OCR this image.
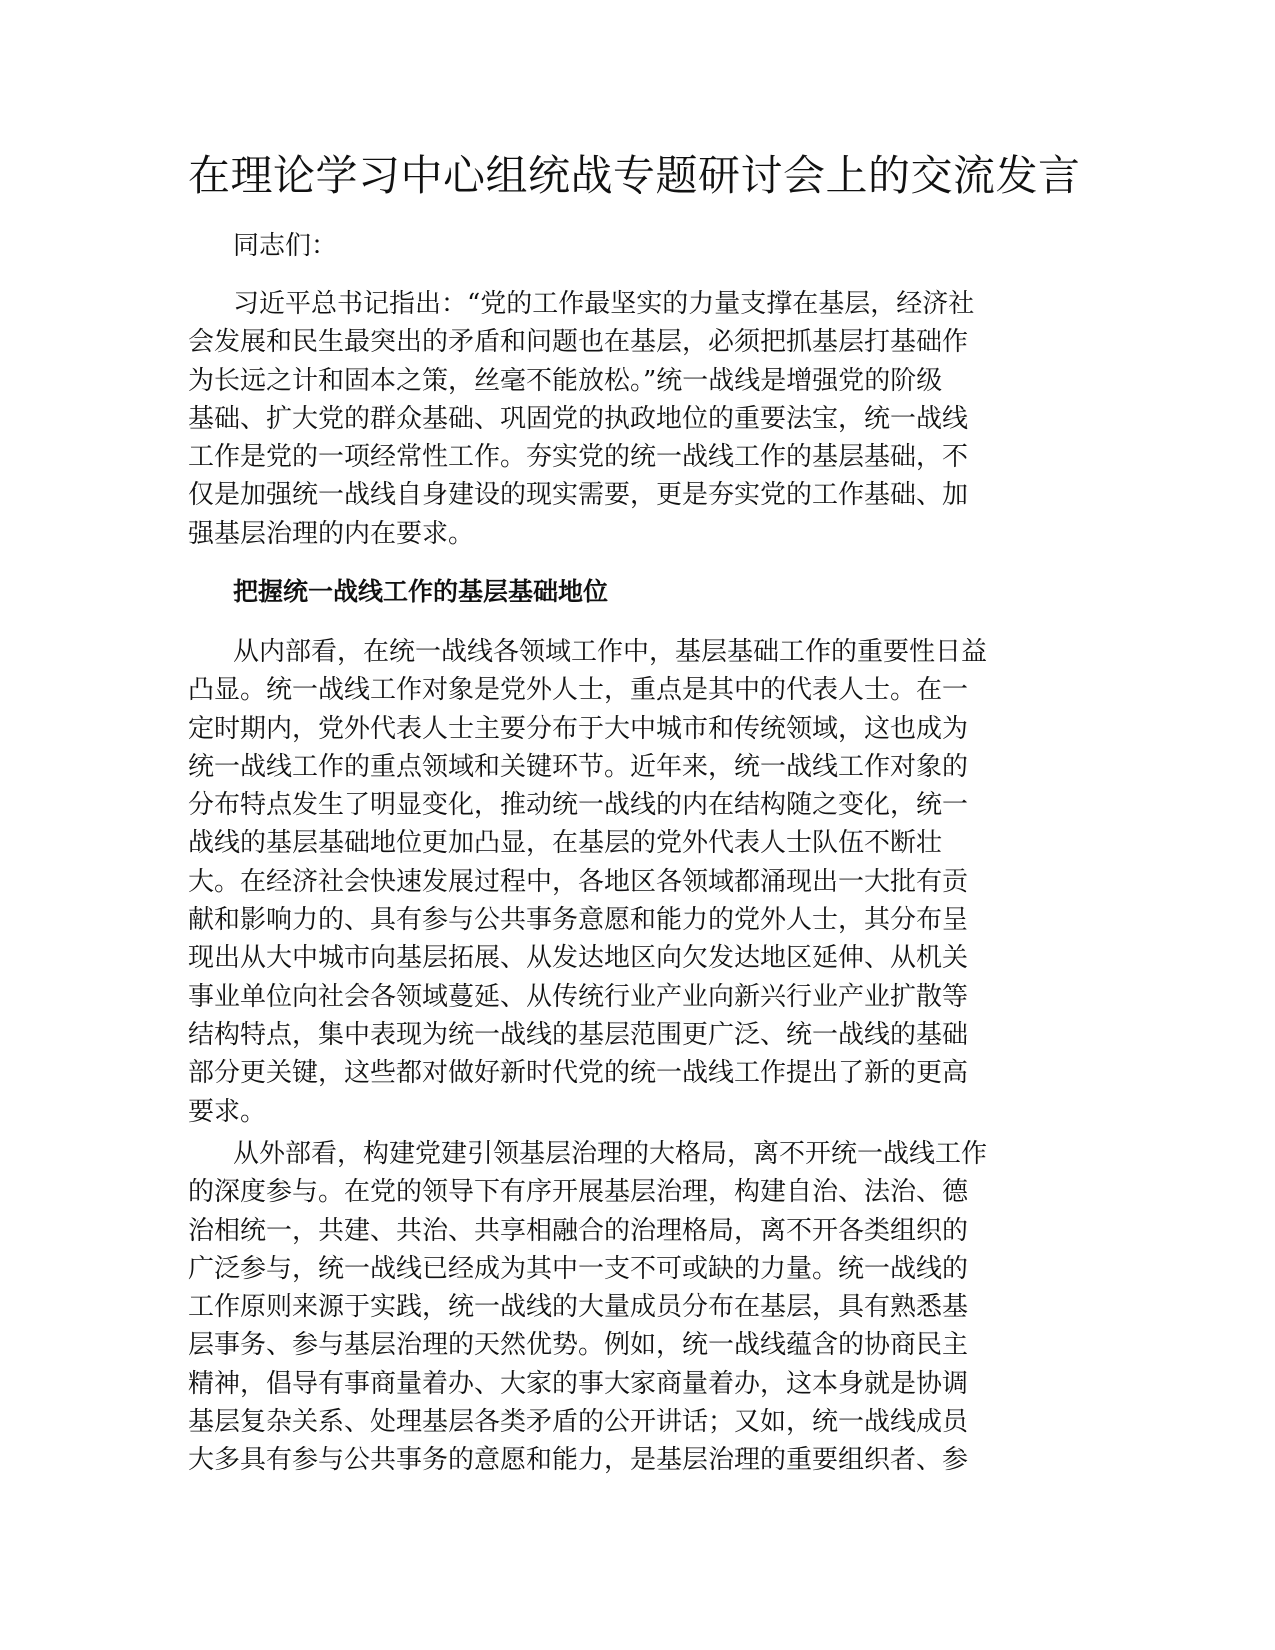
在理论学习中心组统战专题研讨会上的交流发言

同志们：

习近平总书记指出：“党的工作最坚实的力量支撑在基层，经济社
会发展和民生最突出的矛盾和问题也在基层，必须把抓基层打基础作
为长远之计和固本之策，丝毫不能放松。”统一战线是增强党的阶级
基础、扩大党的群众基础、巩固党的执政地位的重要法宝，统一战线
工作是党的一项经常性工作。夯实党的统一战线工作的基层基础，不
仅是加强统一战线自身建设的现实需要，更是夯实党的工作基础、加
强基层治理的内在要求。
把握统一战线工作的基层基础地位
从内部看，在统一战线各领域工作中，基层基础工作的重要性日益
凸显。统一战线工作对象是党外人士，重点是其中的代表人士。在一
定时期内，党外代表人士主要分布于大中城市和传统领域，这也成为
统一战线工作的重点领域和关键环节。近年来，统一战线工作对象的
分布特点发生了明显变化，推动统一战线的内在结构随之变化，统一
战线的基层基础地位更加凸显，在基层的党外代表人士队伍不断壮
大。在经济社会快速发展过程中，各地区各领域都涌现出一大批有贡
献和影响力的、具有参与公共事务意愿和能力的党外人士，其分布呈
现出从大中城市向基层拓展、从发达地区向欠发达地区延伸、从机关
事业单位向社会各领域蔓延、从传统行业产业向新兴行业产业扩散等
结构特点，集中表现为统一战线的基层范围更广泛、统一战线的基础
部分更关键，这些都对做好新时代党的统一战线工作提出了新的更高
要求。
从外部看，构建党建引领基层治理的大格局，离不开统一战线工作
的深度参与。在党的领导下有序开展基层治理，构建自治、法治、德
治相统一，共建、共治、共享相融合的治理格局，离不开各类组织的
广泛参与，统一战线已经成为其中一支不可或缺的力量。统一战线的
工作原则来源于实践，统一战线的大量成员分布在基层，具有熟悉基
层事务、参与基层治理的天然优势。例如，统一战线蕴含的协商民主
精神，倡导有事商量着办、大家的事大家商量着办，这本身就是协调
基层复杂关系、处理基层各类矛盾的公开讲话；又如，统一战线成员
大多具有参与公共事务的意愿和能力，是基层治理的重要组织者、参
